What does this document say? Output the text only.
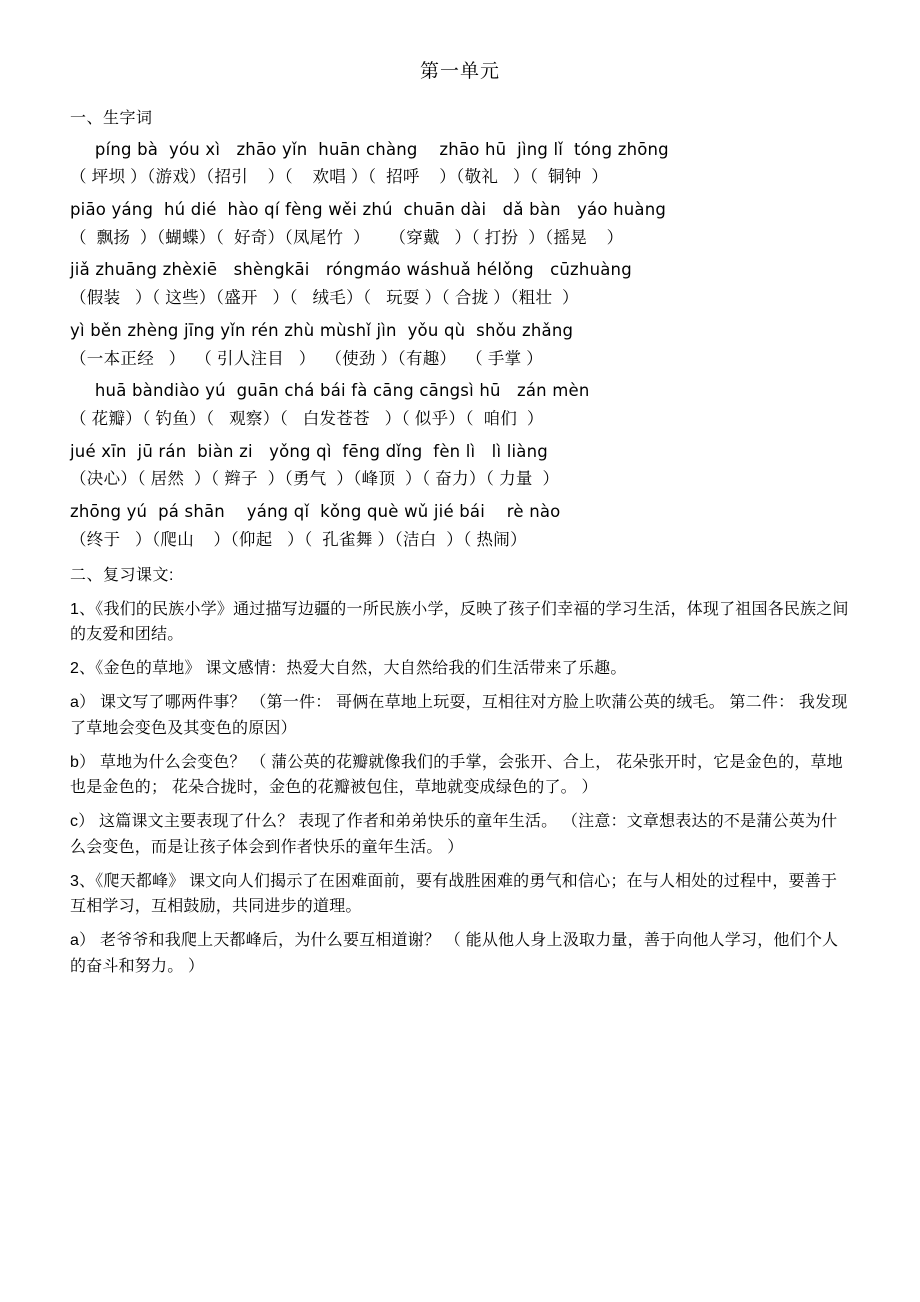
第一单元
一、生字词
píng bà  yóu xì   zhāo yǐn  huān chàng    zhāo hū  jìng lǐ  tóng zhōng
（ 坪坝 ）（游戏）（招引    ）（    欢唱 ）（  招呼    ）（敬礼   ）（  铜钟  ）
piāo yáng  hú dié  hào qí fèng wěi zhú  chuān dài   dǎ bàn   yáo huàng
（  飘扬  ）（蝴蝶）（  好奇）（凤尾竹  ）    （穿戴   ）（ 打扮  ）（摇晃    ）
jiǎ zhuāng zhèxiē   shèngkāi   róngmáo wáshuǎ hélǒng   cūzhuàng
（假装   ）（ 这些）（盛开   ）（   绒毛）（   玩耍 ）（ 合拢 ）（粗壮  ）
yì běn zhèng jīng yǐn rén zhù mùshǐ jìn  yǒu qù  shǒu zhǎng
（一本正经   ）  （ 引人注目   ）  （使劲 ）（有趣）  （ 手掌 ）
huā bàndiào yú  guān chá bái fà cāng cāngsì hū   zán mèn
（ 花瓣）（ 钓鱼）（   观察）（   白发苍苍   ）（ 似乎）（  咱们  ）
jué xīn  jū rán  biàn zi   yǒng qì  fēng dǐng  fèn lì   lì liàng
（决心）（ 居然  ）（ 辫子  ）（勇气  ）（峰顶  ）（ 奋力）（ 力量  ）
zhōng yú  pá shān    yáng qǐ  kǒng què wǔ jié bái    rè nào
（终于   ）（爬山    ）（仰起   ）（  孔雀舞 ）（洁白  ）（ 热闹）
二、复习课文:

1、《我们的民族小学》通过描写边疆的一所民族小学，反映了孩子们幸福的学习生活，体现了祖国各民族之间的友爱和团结。

2、《金色的草地》 课文感情：热爱大自然，大自然给我的们生活带来了乐趣。

a） 课文写了哪两件事？ （第一件： 哥俩在草地上玩耍，互相往对方脸上吹蒲公英的绒毛。 第二件： 我发现了草地会变色及其变色的原因）

b） 草地为什么会变色？ （ 蒲公英的花瓣就像我们的手掌，会张开、合上， 花朵张开时，它是金色的，草地也是金色的； 花朵合拢时，金色的花瓣被包住，草地就变成绿色的了。 ）

c） 这篇课文主要表现了什么？ 表现了作者和弟弟快乐的童年生活。 （注意：文章想表达的不是蒲公英为什么会变色，而是让孩子体会到作者快乐的童年生活。 ）

3、《爬天都峰》 课文向人们揭示了在困难面前，要有战胜困难的勇气和信心；在与人相处的过程中，要善于互相学习，互相鼓励，共同进步的道理。

a） 老爷爷和我爬上天都峰后，为什么要互相道谢？ （ 能从他人身上汲取力量，善于向他人学习，他们个人的奋斗和努力。 ）
